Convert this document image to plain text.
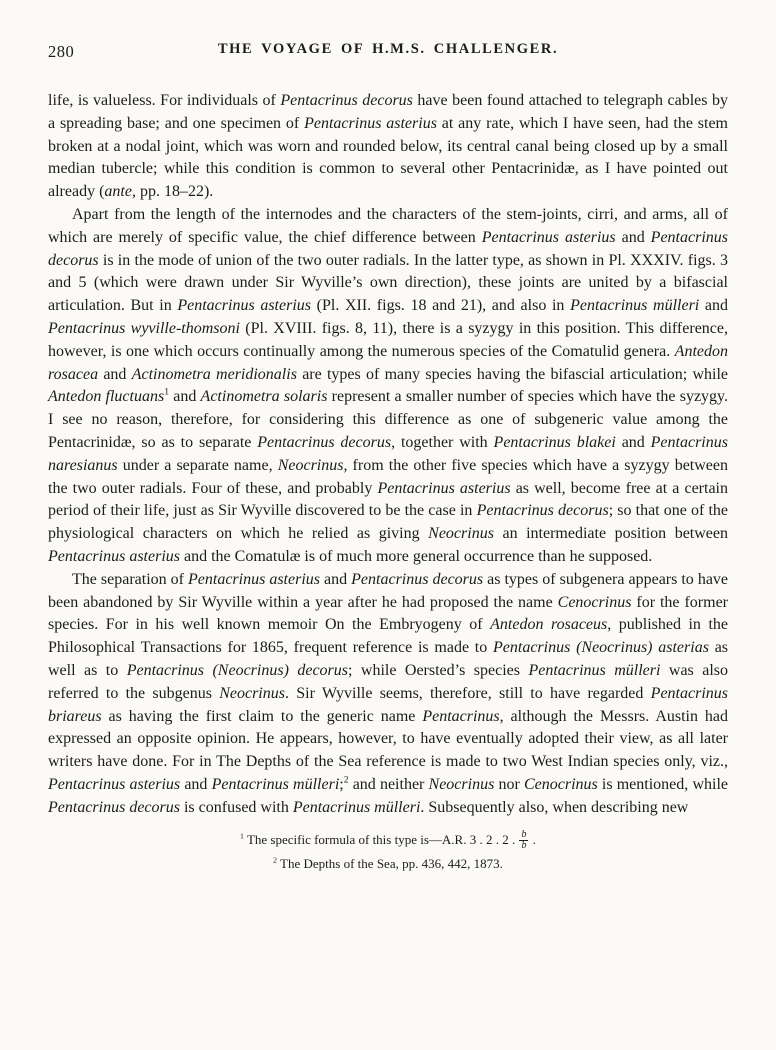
280	THE VOYAGE OF H.M.S. CHALLENGER.

life, is valueless. For individuals of Pentacrinus decorus have been found attached to telegraph cables by a spreading base; and one specimen of Pentacrinus asterius at any rate, which I have seen, had the stem broken at a nodal joint, which was worn and rounded below, its central canal being closed up by a small median tubercle; while this condition is common to several other Pentacrinidæ, as I have pointed out already (ante, pp. 18–22).

Apart from the length of the internodes and the characters of the stem-joints, cirri, and arms, all of which are merely of specific value, the chief difference between Pentacrinus asterius and Pentacrinus decorus is in the mode of union of the two outer radials. In the latter type, as shown in Pl. XXXIV. figs. 3 and 5 (which were drawn under Sir Wyville’s own direction), these joints are united by a bifascial articulation. But in Pentacrinus asterius (Pl. XII. figs. 18 and 21), and also in Pentacrinus mülleri and Pentacrinus wyville-thomsoni (Pl. XVIII. figs. 8, 11), there is a syzygy in this position. This difference, however, is one which occurs continually among the numerous species of the Comatulid genera. Antedon rosacea and Actinometra meridionalis are types of many species having the bifascial articulation; while Antedon fluctuans$^1$ and Actinometra solaris represent a smaller number of species which have the syzygy. I see no reason, therefore, for considering this difference as one of subgeneric value among the Pentacrinidæ, so as to separate Pentacrinus decorus, together with Pentacrinus blakei and Pentacrinus naresianus under a separate name, Neocrinus, from the other five species which have a syzygy between the two outer radials. Four of these, and probably Pentacrinus asterius as well, become free at a certain period of their life, just as Sir Wyville discovered to be the case in Pentacrinus decorus; so that one of the physiological characters on which he relied as giving Neocrinus an intermediate position between Pentacrinus asterius and the Comatulæ is of much more general occurrence than he supposed.

The separation of Pentacrinus asterius and Pentacrinus decorus as types of subgenera appears to have been abandoned by Sir Wyville within a year after he had proposed the name Cenocrinus for the former species. For in his well known memoir On the Embryogeny of Antedon rosaceus, published in the Philosophical Transactions for 1865, frequent reference is made to Pentacrinus (Neocrinus) asterias as well as to Pentacrinus (Neocrinus) decorus; while Oersted’s species Pentacrinus mülleri was also referred to the subgenus Neocrinus. Sir Wyville seems, therefore, still to have regarded Pentacrinus briareus as having the first claim to the generic name Pentacrinus, although the Messrs. Austin had expressed an opposite opinion. He appears, however, to have eventually adopted their view, as all later writers have done. For in The Depths of the Sea reference is made to two West Indian species only, viz., Pentacrinus asterius and Pentacrinus mülleri;$^2$ and neither Neocrinus nor Cenocrinus is mentioned, while Pentacrinus decorus is confused with Pentacrinus mülleri. Subsequently also, when describing new

$^1$ The specific formula of this type is—A.R. 3 . 2 . 2 . $\frac{b}{b}$ .
$^2$ The Depths of the Sea, pp. 436, 442, 1873.
